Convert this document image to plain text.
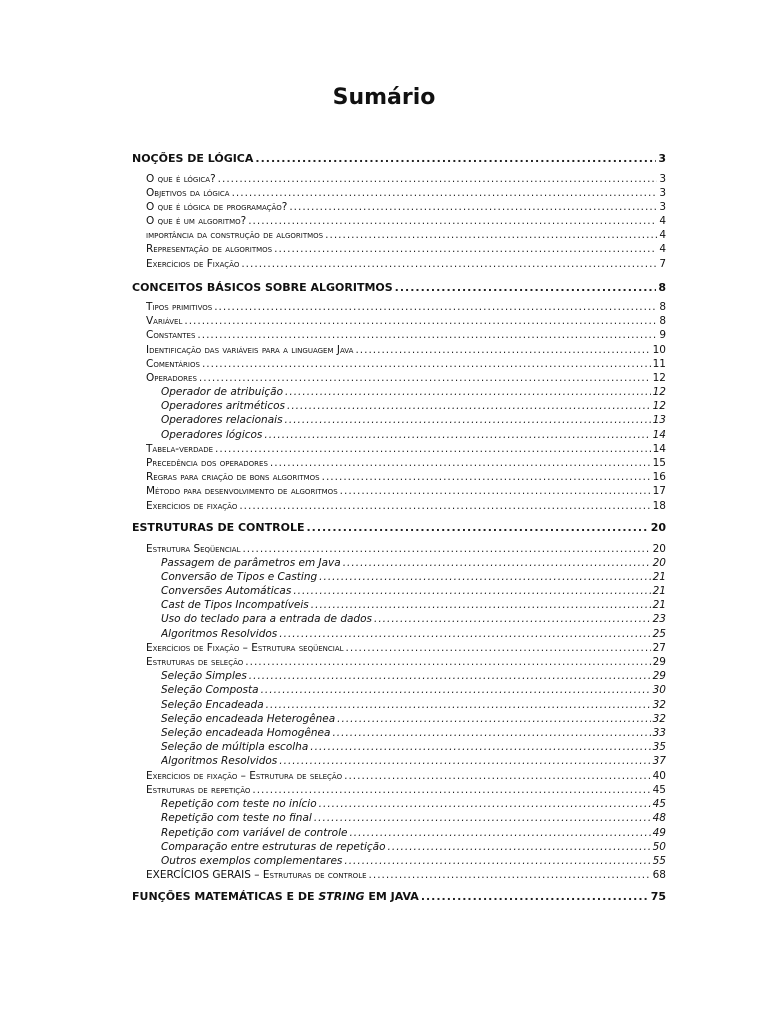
Sumário
NOÇÕES DE LÓGICA .....	3
O que é lógica? .....	3
Objetivos da lógica .....	3
O que é lógica de programação? .....	3
O que é um algoritmo? .....	4
importância da construção de algoritmos .....	4
Representação de algoritmos .....	4
Exercícios de Fixação .....	7
CONCEITOS BÁSICOS SOBRE ALGORITMOS .....	8
Tipos primitivos .....	8
Variável .....	8
Constantes .....	9
Identificação das variáveis para a linguagem Java .....	10
Comentários .....	11
Operadores .....	12
Operador de atribuição .....	12
Operadores aritméticos .....	12
Operadores relacionais .....	13
Operadores lógicos .....	14
Tabela-verdade .....	14
Precedência dos operadores .....	15
Regras para criação de bons algoritmos .....	16
Método para desenvolvimento de algoritmos .....	17
Exercícios de fixação .....	18
ESTRUTURAS DE CONTROLE .....	20
Estrutura Seqüencial .....	20
Passagem de parâmetros em Java .....	20
Conversão de Tipos e Casting .....	21
Conversões Automáticas .....	21
Cast de Tipos Incompatíveis .....	21
Uso do teclado para a entrada de dados .....	23
Algoritmos Resolvidos .....	25
Exercícios de Fixação – Estrutura seqüencial .....	27
Estruturas de seleção .....	29
Seleção Simples .....	29
Seleção Composta .....	30
Seleção Encadeada .....	32
Seleção encadeada Heterogênea .....	32
Seleção encadeada Homogênea .....	33
Seleção de múltipla escolha .....	35
Algoritmos Resolvidos .....	37
Exercícios de fixação – Estrutura de seleção .....	40
Estruturas de repetição .....	45
Repetição com teste no início .....	45
Repetição com teste no final .....	48
Repetição com variável de controle .....	49
Comparação entre estruturas de repetição .....	50
Outros exemplos complementares .....	55
EXERCÍCIOS GERAIS – Estruturas de controle .....	68
FUNÇÕES MATEMÁTICAS E DE STRING EM JAVA .....	75
